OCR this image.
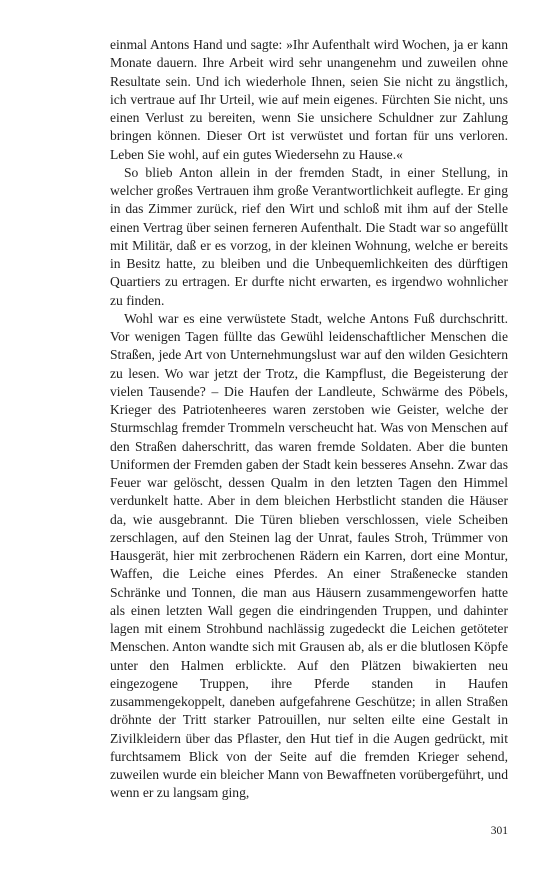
einmal Antons Hand und sagte: »Ihr Aufenthalt wird Wochen, ja er kann Monate dauern. Ihre Arbeit wird sehr unangenehm und zuweilen ohne Resultate sein. Und ich wiederhole Ihnen, seien Sie nicht zu ängstlich, ich vertraue auf Ihr Urteil, wie auf mein eigenes. Fürchten Sie nicht, uns einen Verlust zu bereiten, wenn Sie unsichere Schuldner zur Zahlung bringen können. Dieser Ort ist verwüstet und fortan für uns verloren. Leben Sie wohl, auf ein gutes Wiedersehn zu Hause.«

So blieb Anton allein in der fremden Stadt, in einer Stellung, in welcher großes Vertrauen ihm große Verantwortlichkeit auflegte. Er ging in das Zimmer zurück, rief den Wirt und schloß mit ihm auf der Stelle einen Vertrag über seinen ferneren Aufenthalt. Die Stadt war so angefüllt mit Militär, daß er es vorzog, in der kleinen Wohnung, welche er bereits in Besitz hatte, zu bleiben und die Unbequemlichkeiten des dürftigen Quartiers zu ertragen. Er durfte nicht erwarten, es irgendwo wohnlicher zu finden.

Wohl war es eine verwüstete Stadt, welche Antons Fuß durchschritt. Vor wenigen Tagen füllte das Gewühl leidenschaftlicher Menschen die Straßen, jede Art von Unternehmungslust war auf den wilden Gesichtern zu lesen. Wo war jetzt der Trotz, die Kampflust, die Begeisterung der vielen Tausende? – Die Haufen der Landleute, Schwärme des Pöbels, Krieger des Patriotenheeres waren zerstoben wie Geister, welche der Sturmschlag fremder Trommeln verscheucht hat. Was von Menschen auf den Straßen daherschritt, das waren fremde Soldaten. Aber die bunten Uniformen der Fremden gaben der Stadt kein besseres Ansehn. Zwar das Feuer war gelöscht, dessen Qualm in den letzten Tagen den Himmel verdunkelt hatte. Aber in dem bleichen Herbstlicht standen die Häuser da, wie ausgebrannt. Die Türen blieben verschlossen, viele Scheiben zerschlagen, auf den Steinen lag der Unrat, faules Stroh, Trümmer von Hausgerät, hier mit zerbrochenen Rädern ein Karren, dort eine Montur, Waffen, die Leiche eines Pferdes. An einer Straßenecke standen Schränke und Tonnen, die man aus Häusern zusammengeworfen hatte als einen letzten Wall gegen die eindringenden Truppen, und dahinter lagen mit einem Strohbund nachlässig zugedeckt die Leichen getöteter Menschen. Anton wandte sich mit Grausen ab, als er die blutlosen Köpfe unter den Halmen erblickte. Auf den Plätzen biwakierten neu eingezogene Truppen, ihre Pferde standen in Haufen zusammengekoppelt, daneben aufgefahrene Geschütze; in allen Straßen dröhnte der Tritt starker Patrouillen, nur selten eilte eine Gestalt in Zivilkleidern über das Pflaster, den Hut tief in die Augen gedrückt, mit furchtsamem Blick von der Seite auf die fremden Krieger sehend, zuweilen wurde ein bleicher Mann von Bewaffneten vorübergeführt, und wenn er zu langsam ging,

301
